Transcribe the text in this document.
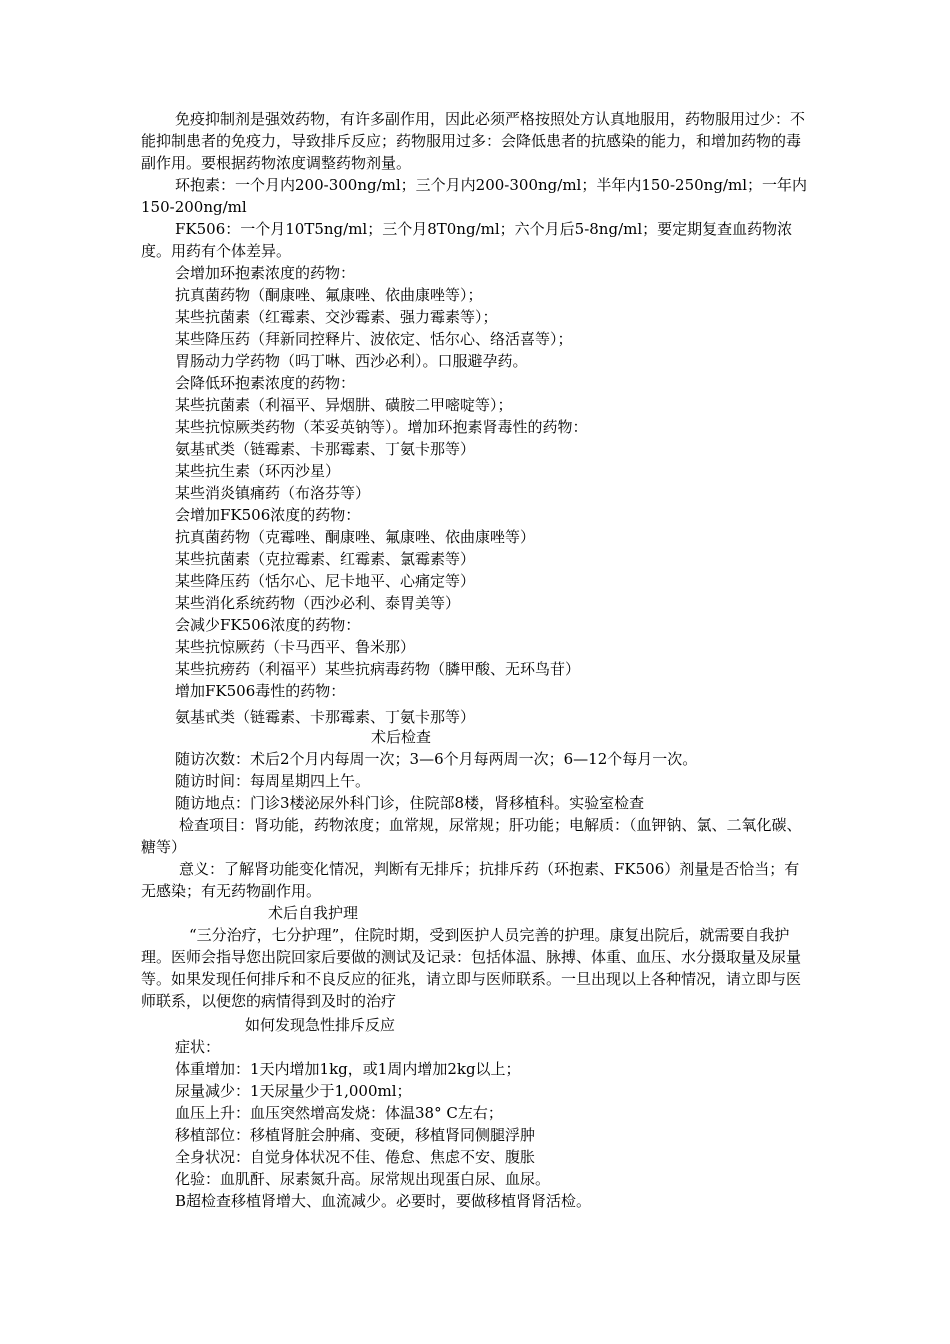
免疫抑制剂是强效药物，有许多副作用，因此必须严格按照处方认真地服用，药物服用过少：不能抑制患者的免疫力，导致排斥反应；药物服用过多：会降低患者的抗感染的能力，和增加药物的毒副作用。要根据药物浓度调整药物剂量。

环抱素：一个月内200-300ng/ml；三个月内200-300ng/ml；半年内150-250ng/ml；一年内150-200ng/ml

FK506：一个月10T5ng/ml；三个月8T0ng/ml；六个月后5-8ng/ml；要定期复查血药物浓度。用药有个体差异。

会增加环抱素浓度的药物：

抗真菌药物（酮康唑、氟康唑、依曲康唑等）；

某些抗菌素（红霉素、交沙霉素、强力霉素等）；

某些降压药（拜新同控释片、波依定、恬尔心、络活喜等）；

胃肠动力学药物（吗丁啉、西沙必利）。口服避孕药。

会降低环抱素浓度的药物：

某些抗菌素（利福平、异烟肼、磺胺二甲嘧啶等）；

某些抗惊厥类药物（苯妥英钠等）。增加环抱素肾毒性的药物：

氨基甙类（链霉素、卡那霉素、丁氨卡那等）

某些抗生素（环丙沙星）

某些消炎镇痛药（布洛芬等）

会增加FK506浓度的药物：

抗真菌药物（克霉唑、酮康唑、氟康唑、依曲康唑等）

某些抗菌素（克拉霉素、红霉素、氯霉素等）

某些降压药（恬尔心、尼卡地平、心痛定等）

某些消化系统药物（西沙必利、泰胃美等）

会减少FK506浓度的药物：

某些抗惊厥药（卡马西平、鲁米那）

某些抗痨药（利福平）某些抗病毒药物（膦甲酸、无环鸟苷）

增加FK506毒性的药物：

氨基甙类（链霉素、卡那霉素、丁氨卡那等）

术后检查

随访次数：术后2个月内每周一次；3—6个月每两周一次；6—12个每月一次。

随访时间：每周星期四上午。

随访地点：门诊3楼泌尿外科门诊，住院部8楼，肾移植科。实验室检查

检查项目：肾功能，药物浓度；血常规，尿常规；肝功能；电解质：（血钾钠、氯、二氧化碳、糖等）

意义：了解肾功能变化情况，判断有无排斥；抗排斥药（环抱素、FK506）剂量是否恰当；有无感染；有无药物副作用。

术后自我护理

“三分治疗，七分护理”，住院时期，受到医护人员完善的护理。康复出院后，就需要自我护理。医师会指导您出院回家后要做的测试及记录：包括体温、脉搏、体重、血压、水分摄取量及尿量等。如果发现任何排斥和不良反应的征兆，请立即与医师联系。一旦出现以上各种情况，请立即与医师联系，以便您的病情得到及时的治疗

如何发现急性排斥反应

症状：

体重增加：1天内增加1kg，或1周内增加2kg以上；

尿量减少：1天尿量少于1,000ml；

血压上升：血压突然增高发烧：体温38° C左右；

移植部位：移植肾脏会肿痛、变硬，移植肾同侧腿浮肿

全身状况：自觉身体状况不佳、倦怠、焦虑不安、腹胀

化验：血肌酐、尿素氮升高。尿常规出现蛋白尿、血尿。

B超检查移植肾增大、血流减少。必要时，要做移植肾肾活检。
